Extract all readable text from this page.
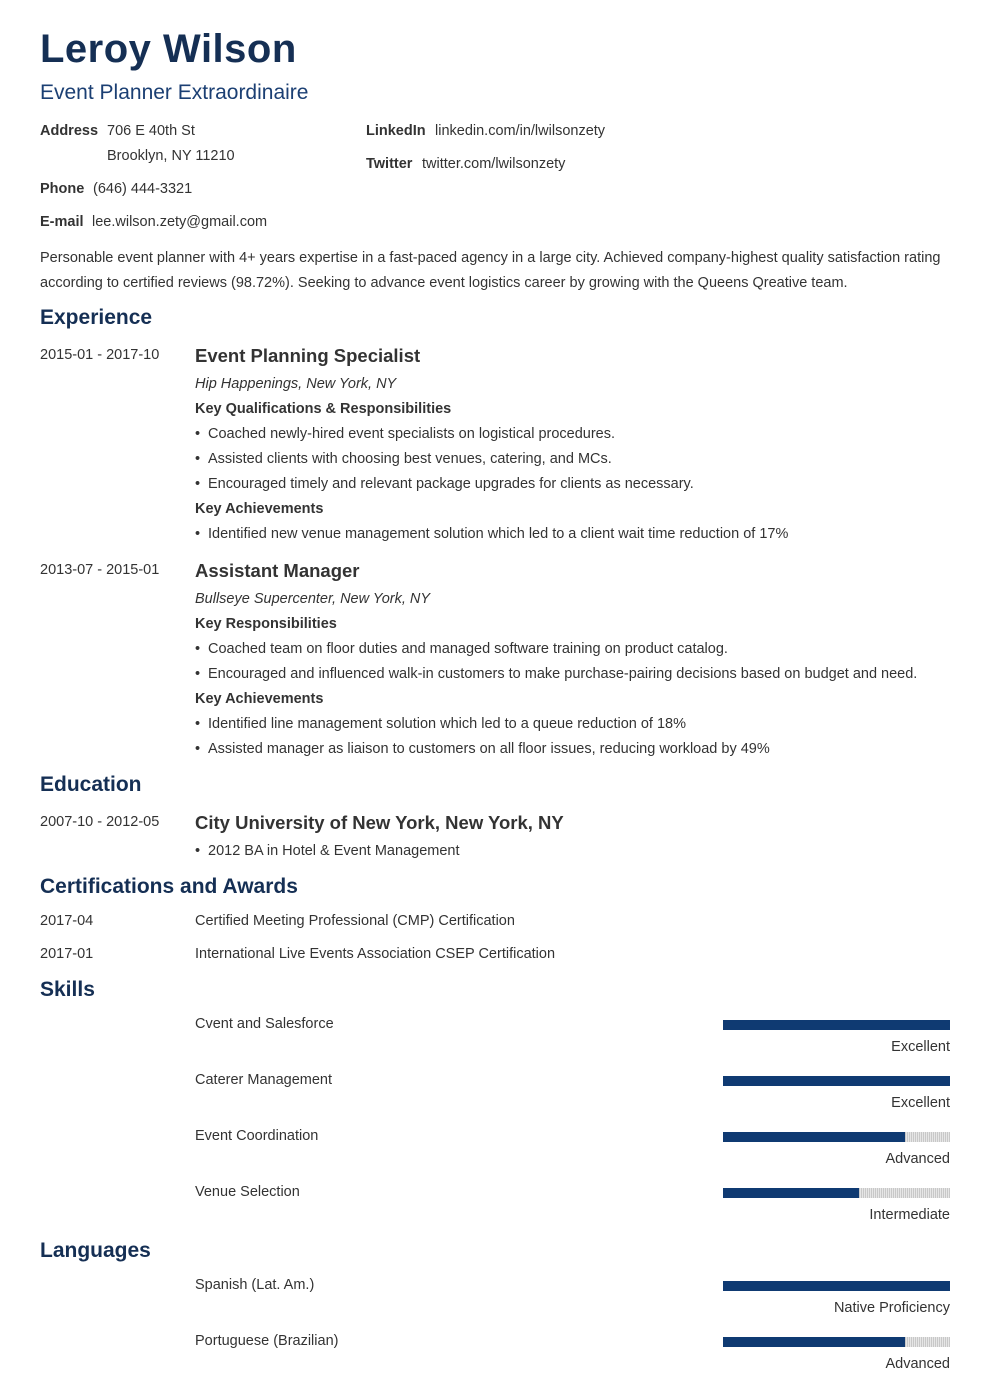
Leroy Wilson
Event Planner Extraordinaire
Address 706 E 40th St
Brooklyn, NY 11210
Phone (646) 444-3321
E-mail lee.wilson.zety@gmail.com
LinkedIn linkedin.com/in/lwilsonzety
Twitter twitter.com/lwilsonzety
Personable event planner with 4+ years expertise in a fast-paced agency in a large city. Achieved company-highest quality satisfaction rating according to certified reviews (98.72%). Seeking to advance event logistics career by growing with the Queens Qreative team.
Experience
2015-01 - 2017-10 Event Planning Specialist
Hip Happenings, New York, NY
Key Qualifications & Responsibilities
• Coached newly-hired event specialists on logistical procedures.
• Assisted clients with choosing best venues, catering, and MCs.
• Encouraged timely and relevant package upgrades for clients as necessary.
Key Achievements
• Identified new venue management solution which led to a client wait time reduction of 17%
2013-07 - 2015-01 Assistant Manager
Bullseye Supercenter, New York, NY
Key Responsibilities
• Coached team on floor duties and managed software training on product catalog.
• Encouraged and influenced walk-in customers to make purchase-pairing decisions based on budget and need.
Key Achievements
• Identified line management solution which led to a queue reduction of 18%
• Assisted manager as liaison to customers on all floor issues, reducing workload by 49%
Education
2007-10 - 2012-05 City University of New York, New York, NY
• 2012 BA in Hotel & Event Management
Certifications and Awards
2017-04	Certified Meeting Professional (CMP) Certification
2017-01	International Live Events Association CSEP Certification
Skills
Cvent and Salesforce
Excellent
Caterer Management
Excellent
Event Coordination
Advanced
Venue Selection
Intermediate
Languages
Spanish (Lat. Am.)
Native Proficiency
Portuguese (Brazilian)
Advanced
